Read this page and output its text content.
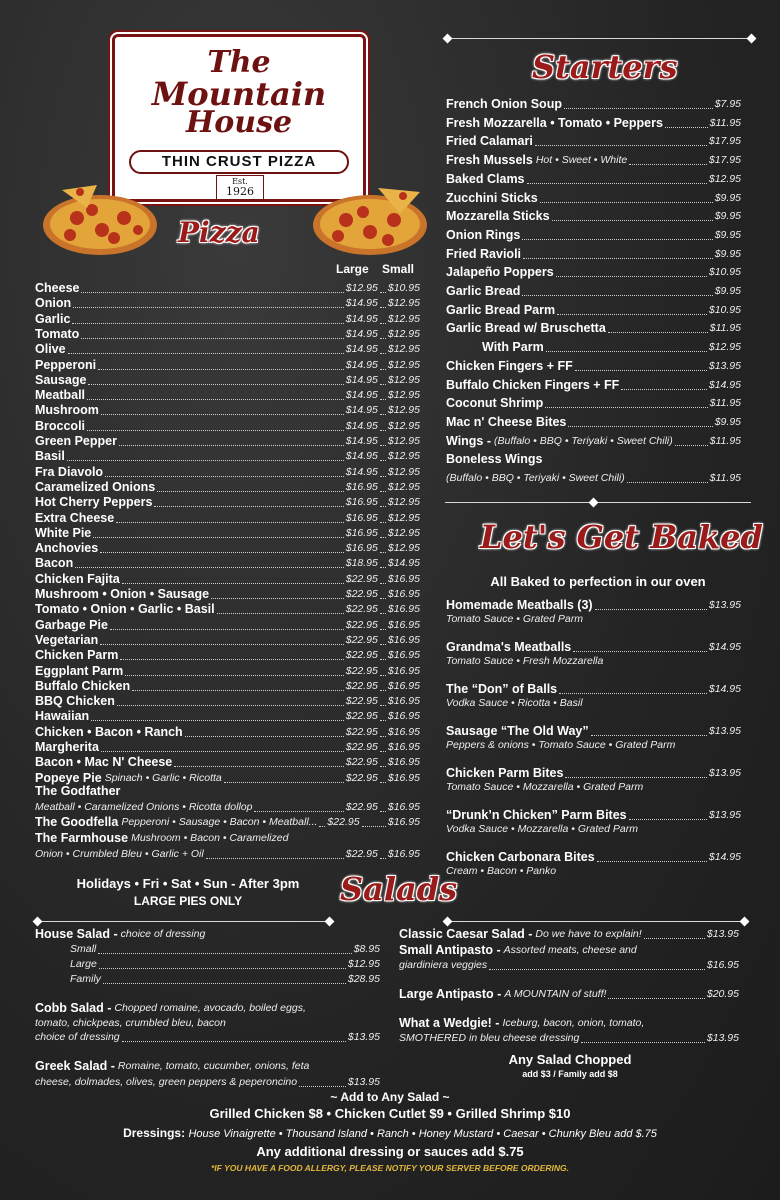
The
Mountain
House
THIN CRUST PIZZA
Est.
1926
Pizza
Starters
Let's Get Baked
Salads
Large Small
Cheese	$12.95 $10.95
Onion	$14.95 $12.95
Garlic	$14.95 $12.95
Tomato	$14.95 $12.95
Olive	$14.95 $12.95
Pepperoni	$14.95 $12.95
Sausage	$14.95 $12.95
Meatball	$14.95 $12.95
Mushroom	$14.95 $12.95
Broccoli	$14.95 $12.95
Green Pepper	$14.95 $12.95
Basil	$14.95 $12.95
Fra Diavolo	$14.95 $12.95
Caramelized Onions	$16.95 $12.95
Hot Cherry Peppers	$16.95 $12.95
Extra Cheese	$16.95 $12.95
White Pie	$16.95 $12.95
Anchovies	$16.95 $12.95
Bacon	$18.95 $14.95
Chicken Fajita	$22.95 $16.95
Mushroom • Onion • Sausage	$22.95 $16.95
Tomato • Onion • Garlic • Basil	$22.95 $16.95
Garbage Pie	$22.95 $16.95
Vegetarian	$22.95 $16.95
Chicken Parm	$22.95 $16.95
Eggplant Parm	$22.95 $16.95
Buffalo Chicken	$22.95 $16.95
BBQ Chicken	$22.95 $16.95
Hawaiian	$22.95 $16.95
Chicken • Bacon • Ranch	$22.95 $16.95
Margherita	$22.95 $16.95
Bacon • Mac N' Cheese	$22.95 $16.95
Popeye Pie Spinach • Garlic • Ricotta	$22.95 $16.95
The Godfather
Meatball • Caramelized Onions • Ricotta dollop	$22.95 $16.95
The Goodfella Pepperoni • Sausage • Bacon • Meatball... $22.95	$16.95
The Farmhouse Mushroom • Bacon • Caramelized
Onion • Crumbled Bleu • Garlic + Oil	$22.95 $16.95
Holidays • Fri • Sat • Sun - After 3pm
LARGE PIES ONLY
French Onion Soup	$7.95
Fresh Mozzarella • Tomato • Peppers	$11.95
Fried Calamari	$17.95
Fresh Mussels Hot • Sweet • White	$17.95
Baked Clams	$12.95
Zucchini Sticks	$9.95
Mozzarella Sticks	$9.95
Onion Rings	$9.95
Fried Ravioli	$9.95
Jalapeño Poppers	$10.95
Garlic Bread	$9.95
Garlic Bread Parm	$10.95
Garlic Bread w/ Bruschetta	$11.95
With Parm	$12.95
Chicken Fingers + FF	$13.95
Buffalo Chicken Fingers + FF	$14.95
Coconut Shrimp	$11.95
Mac n' Cheese Bites	$9.95
Wings - (Buffalo • BBQ • Teriyaki • Sweet Chili)	$11.95
Boneless Wings
(Buffalo • BBQ • Teriyaki • Sweet Chili)	$11.95
All Baked to perfection in our oven
Homemade Meatballs (3)	$13.95
Tomato Sauce • Grated Parm
Grandma's Meatballs	$14.95
Tomato Sauce • Fresh Mozzarella
The “Don” of Balls	$14.95
Vodka Sauce • Ricotta • Basil
Sausage “The Old Way”	$13.95
Peppers & onions • Tomato Sauce • Grated Parm
Chicken Parm Bites	$13.95
Tomato Sauce • Mozzarella • Grated Parm
“Drunk’n Chicken” Parm Bites	$13.95
Vodka Sauce • Mozzarella • Grated Parm
Chicken Carbonara Bites	$14.95
Cream • Bacon • Panko
House Salad - choice of dressing
Small	$8.95
Large	$12.95
Family	$28.95
Cobb Salad - Chopped romaine, avocado, boiled eggs,
tomato, chickpeas, crumbled bleu, bacon
choice of dressing	$13.95
Greek Salad - Romaine, tomato, cucumber, onions, feta
cheese, dolmades, olives, green peppers & peperoncino	$13.95
Classic Caesar Salad - Do we have to explain!	$13.95
Small Antipasto - Assorted meats, cheese and
giardiniera veggies	$16.95
Large Antipasto - A MOUNTAIN of stuff!	$20.95
What a Wedgie! - Iceburg, bacon, onion, tomato,
SMOTHERED in bleu cheese dressing	$13.95
Any Salad Chopped
add $3 / Family add $8
~ Add to Any Salad ~
Grilled Chicken $8 • Chicken Cutlet $9 • Grilled Shrimp $10
Dressings: House Vinaigrette • Thousand Island • Ranch • Honey Mustard • Caesar • Chunky Bleu add $.75
Any additional dressing or sauces add $.75
*IF YOU HAVE A FOOD ALLERGY, PLEASE NOTIFY YOUR SERVER BEFORE ORDERING.
